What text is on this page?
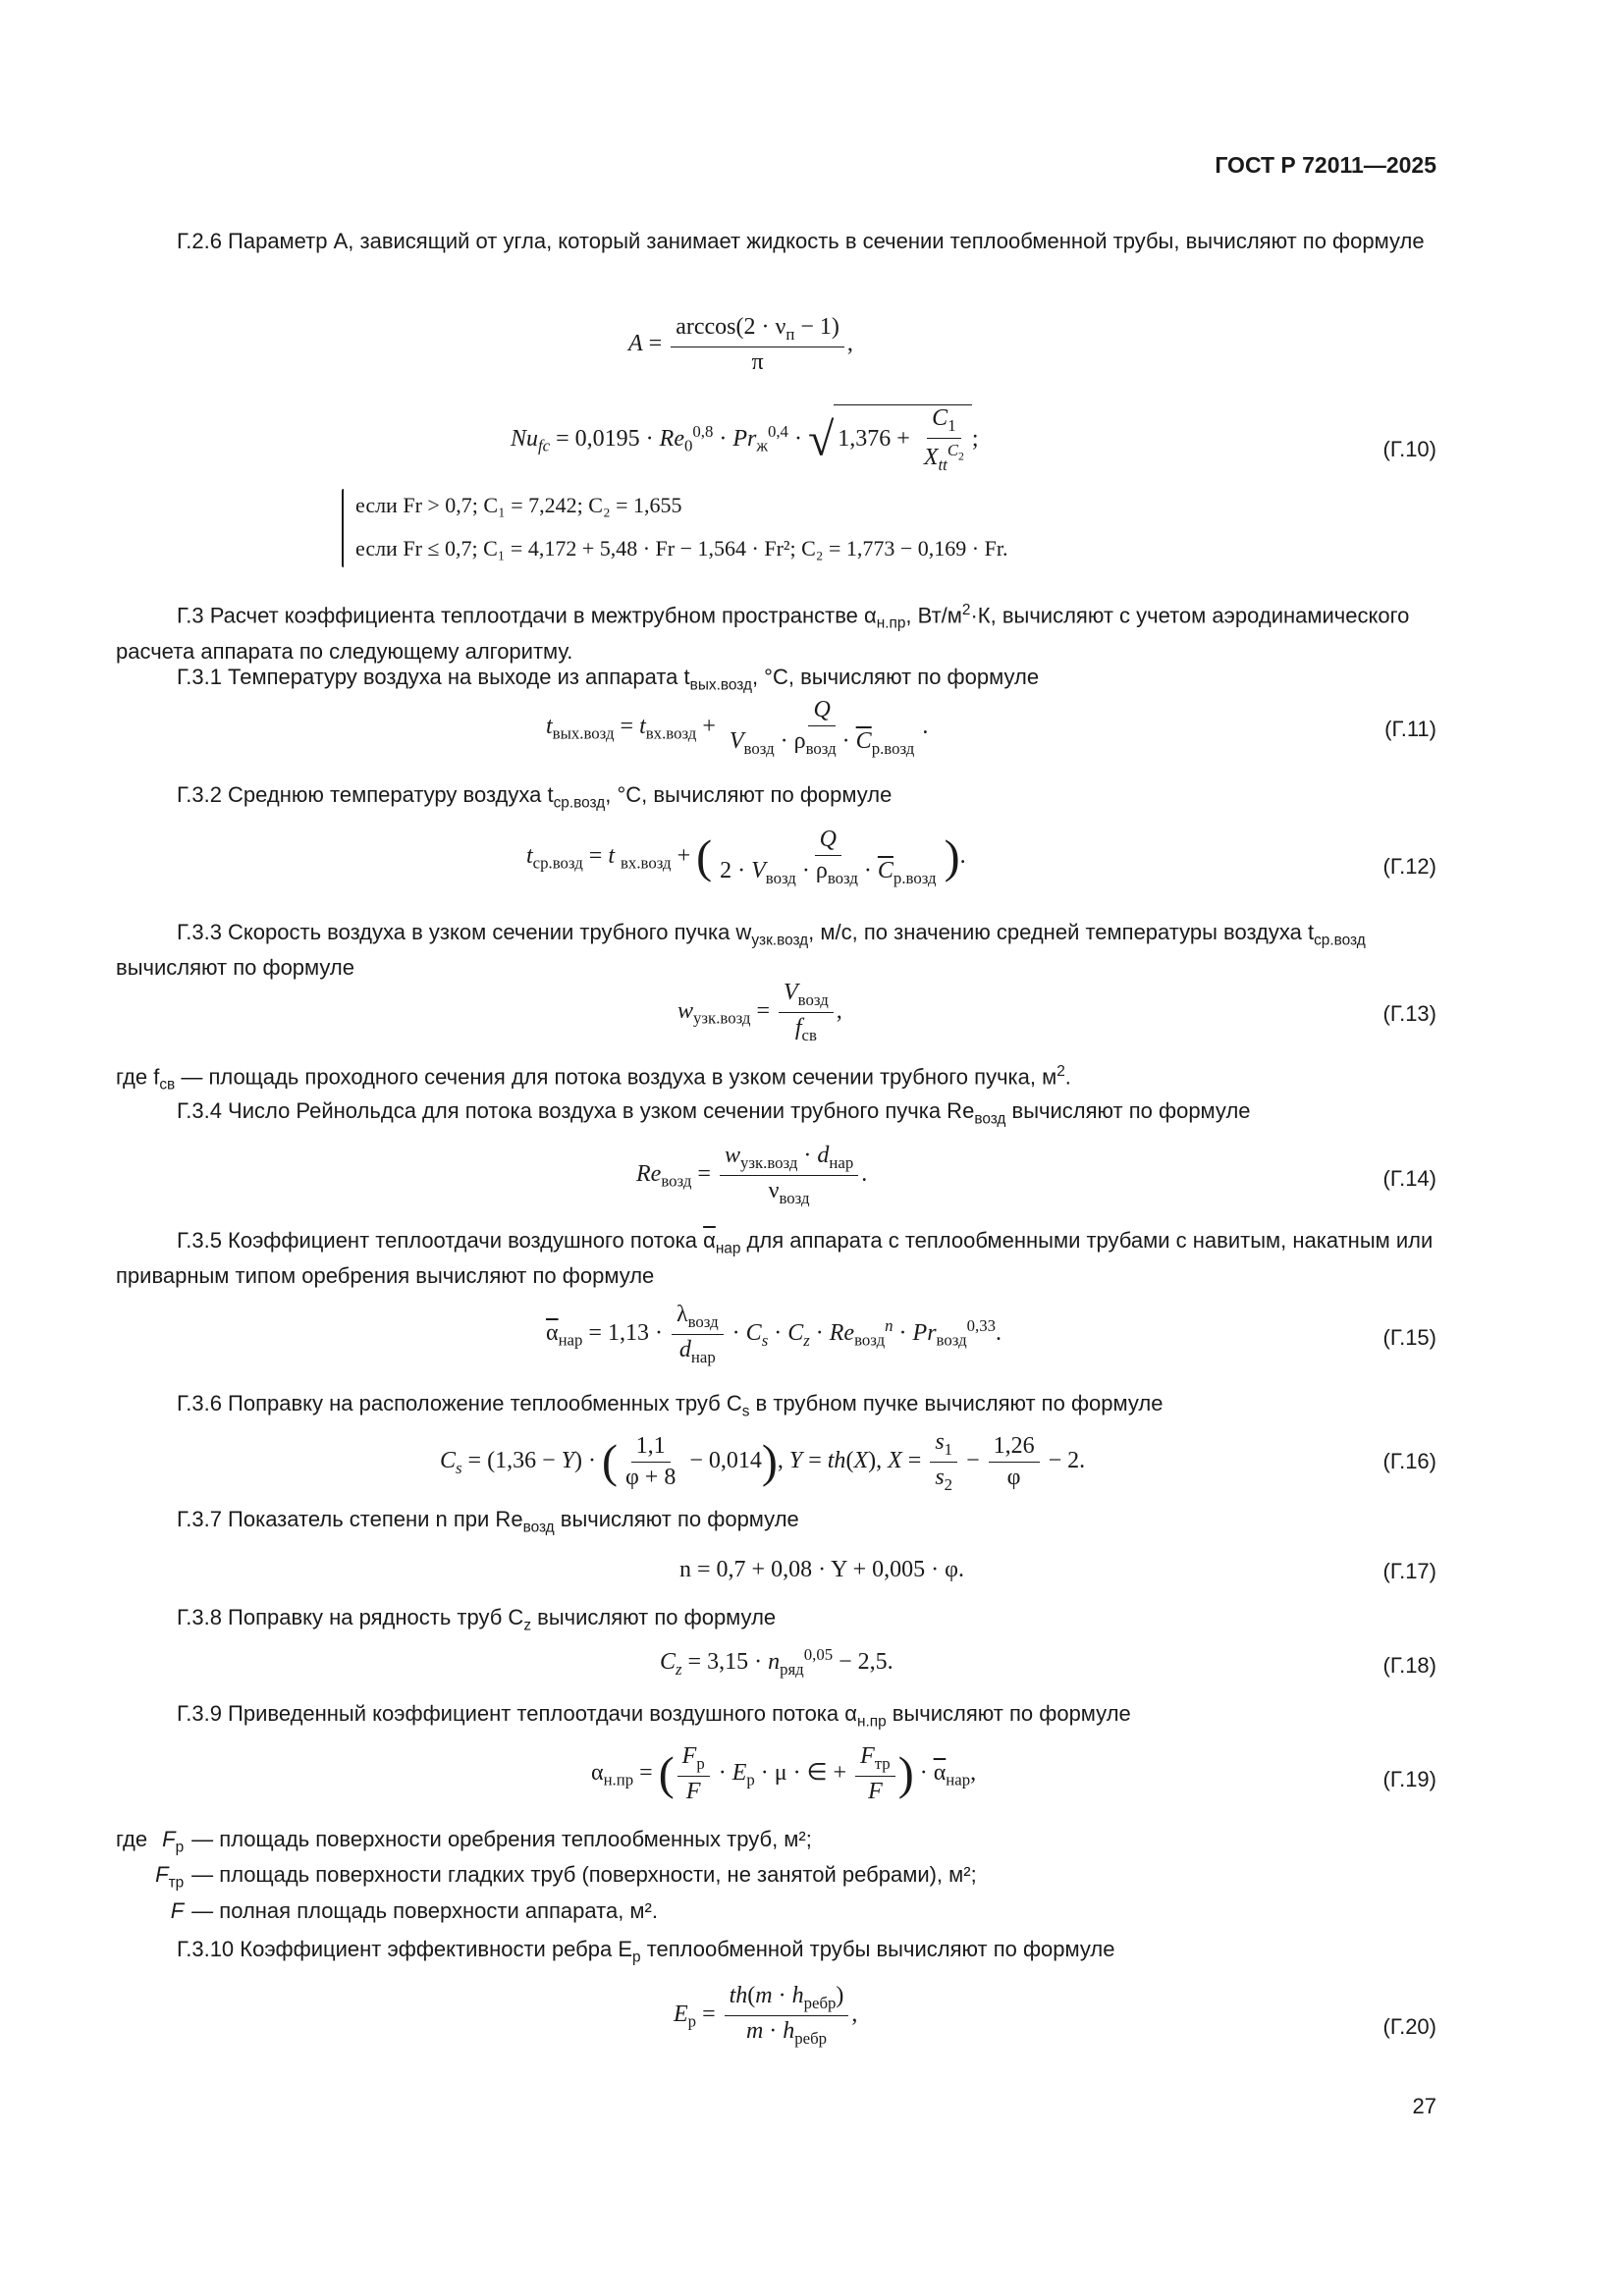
ГОСТ Р 72011—2025
Г.2.6 Параметр A, зависящий от угла, который занимает жидкость в сечении теплообменной трубы, вычисляют по формуле
$A = \frac{\arccos(2 \cdot \nu_п - 1)}{\pi}$ ,
$Nu_{fc} = 0,0195 \cdot Re_0^{0,8} \cdot Pr_ж^{0,4}$ · √ $1,376 + \frac{C_1}{X_{tt}^{C_2}}$ ;	(Г.10)
если Fr > 0,7; C₁ = 7,242; C₂ = 1,655
если Fr ≤ 0,7; C₁ = 4,172 + 5,48 · Fr − 1,564 · Fr²; C₂ = 1,773 − 0,169 · Fr.
Г.3 Расчет коэффициента теплоотдачи в межтрубном пространстве $\alpha_{н.пр}$, $Вт/м^2\cdot К$, вычисляют с учетом аэродинамического расчета аппарата по следующему алгоритму.
Г.3.1 Температуру воздуха на выходе из аппарата $t_{вых.возд}$, °С, вычисляют по формуле
$t_{вых.возд} = t_{вх.возд} + \frac{Q}{V_{возд} \cdot \rho_{возд} \cdot \overline{C}_{р.возд}}$ .	(Г.11)
Г.3.2 Среднюю температуру воздуха $t_{ср.возд}$, °С, вычисляют по формуле
$t_{ср.возд} = t$ $_{вх.возд}$ + ( $\frac{Q}{2 \cdot V_{возд} \cdot \rho_{возд} \cdot \overline{C}_{р.возд}}$ ).	(Г.12)
Г.3.3 Скорость воздуха в узком сечении трубного пучка $w_{узк.возд}$, м/с, по значению средней температуры воздуха $t_{ср.возд}$ вычисляют по формуле
$w_{узк.возд} = \frac{V_{возд}}{f_{св}}$ ,	(Г.13)
где $f_{св}$ — площадь проходного сечения для потока воздуха в узком сечении трубного пучка, $м^2$.
Г.3.4 Число Рейнольдса для потока воздуха в узком сечении трубного пучка $Re_{возд}$ вычисляют по формуле
$Re_{возд} = \frac{w_{узк.возд} \cdot d_{нар}}{\nu_{возд}}$ .	(Г.14)
Г.3.5 Коэффициент теплоотдачи воздушного потока $\overline{\alpha}_{нар}$ для аппарата с теплообменными трубами с навитым, накатным или приварным типом оребрения вычисляют по формуле
$\overline{\alpha}_{нар} = 1,13 \cdot \frac{\lambda_{возд}}{d_{нар}} \cdot C_s \cdot C_z \cdot Re_{возд}^n \cdot Pr_{возд}^{0,33}$.	(Г.15)
Г.3.6 Поправку на расположение теплообменных труб $C_s$ в трубном пучке вычисляют по формуле
$C_s = (1,36 - Y)$ · ( $\frac{1,1}{\varphi + 8} - 0,014$), Y = th(X), $X = \frac{s_1}{s_2} - \frac{1,26}{\varphi} - 2$.	(Г.16)
Г.3.7 Показатель степени n при $Re_{возд}$ вычисляют по формуле
n = 0,7 + 0,08 · Y + 0,005 · φ.	(Г.17)
Г.3.8 Поправку на рядность труб $C_z$ вычисляют по формуле
$C_z = 3,15 \cdot n_{ряд}^{0,05} - 2,5$.	(Г.18)
Г.3.9 Приведенный коэффициент теплоотдачи воздушного потока $\alpha_{н.пр}$ вычисляют по формуле
$\alpha_{н.пр}$ = ( $\frac{F_р}{F} \cdot E_р \cdot \mu$ · ∈ + $\frac{F_{тр}}{F}$ ) · $\overline{\alpha}_{нар}$,	(Г.19)
где	$F_р$	— площадь поверхности оребрения теплообменных труб, м²;
	$F_{тр}$	— площадь поверхности гладких труб (поверхности, не занятой ребрами), м²;
	F	— полная площадь поверхности аппарата, м².
Г.3.10 Коэффициент эффективности ребра $E_р$ теплообменной трубы вычисляют по формуле
$E_р = \frac{th(m \cdot h_{ребр})}{m \cdot h_{ребр}}$ ,	(Г.20)
27
